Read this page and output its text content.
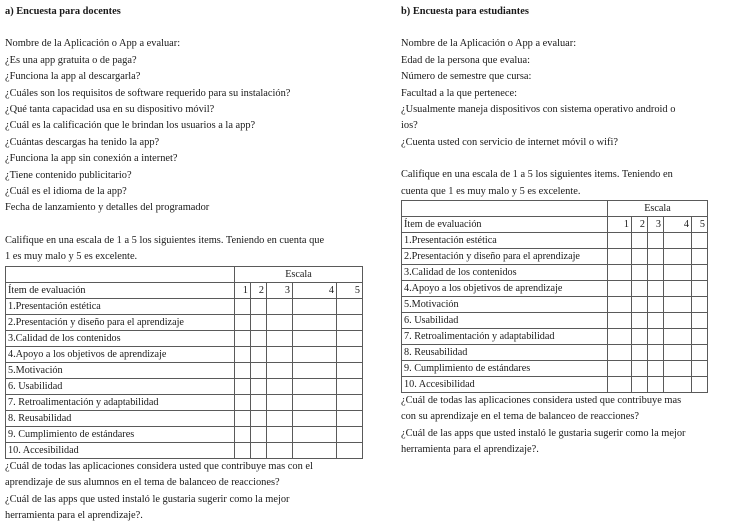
a) Encuesta para docentes
Nombre de la Aplicación o App a evaluar:
¿Es una app gratuita o de paga?
¿Funciona la app al descargarla?
¿Cuáles son los requisitos de software requerido para su instalación?
¿Qué tanta capacidad usa en su dispositivo móvil?
¿Cuál es la calificación que le brindan los usuarios a la app?
¿Cuántas descargas ha tenido la app?
¿Funciona la app sin conexión a internet?
¿Tiene contenido publicitario?
¿Cuál es el idioma de la app?
Fecha de lanzamiento y detalles del programador
Califique en una escala de 1 a 5 los siguientes items. Teniendo en cuenta que
1 es muy malo y 5 es excelente.
	Escala				
Ítem de evaluación	1	2	3	4	5
1.Presentación estética					
2.Presentación y diseño para el aprendizaje					
3.Calidad de los contenidos					
4.Apoyo a los objetivos de aprendizaje					
5.Motivación					
6. Usabilidad					
7. Retroalimentación y adaptabilidad					
8. Reusabilidad					
9. Cumplimiento de estándares					
10. Accesibilidad					
¿Cuál de todas las aplicaciones considera usted que contribuye mas con el
aprendizaje de sus alumnos en el tema de balanceo de reacciones?
¿Cuál de las apps que usted instaló le gustaria sugerir como la mejor
herramienta para el aprendizaje?.
b) Encuesta para estudiantes
Nombre de la Aplicación o App a evaluar:
Edad de la persona que evalua:
Número de semestre que cursa:
Facultad a la que pertenece:
¿Usualmente maneja dispositivos con sistema operativo android o
ios?
¿Cuenta usted con servicio de internet móvil o wifi?
Califique en una escala de 1 a 5 los siguientes items. Teniendo en
cuenta que 1 es muy malo y 5 es excelente.
	Escala				
Ítem de evaluación	1	2	3	4	5
1.Presentación estética					
2.Presentación y diseño para el aprendizaje					
3.Calidad de los contenidos					
4.Apoyo a los objetivos de aprendizaje					
5.Motivación					
6. Usabilidad					
7. Retroalimentación y adaptabilidad					
8. Reusabilidad					
9. Cumplimiento de estándares					
10. Accesibilidad					
¿Cuál de todas las aplicaciones considera usted que contribuye mas
con su aprendizaje en el tema de balanceo de reacciones?
¿Cuál de las apps que usted instaló le gustaria sugerir como la mejor
herramienta para el aprendizaje?.
